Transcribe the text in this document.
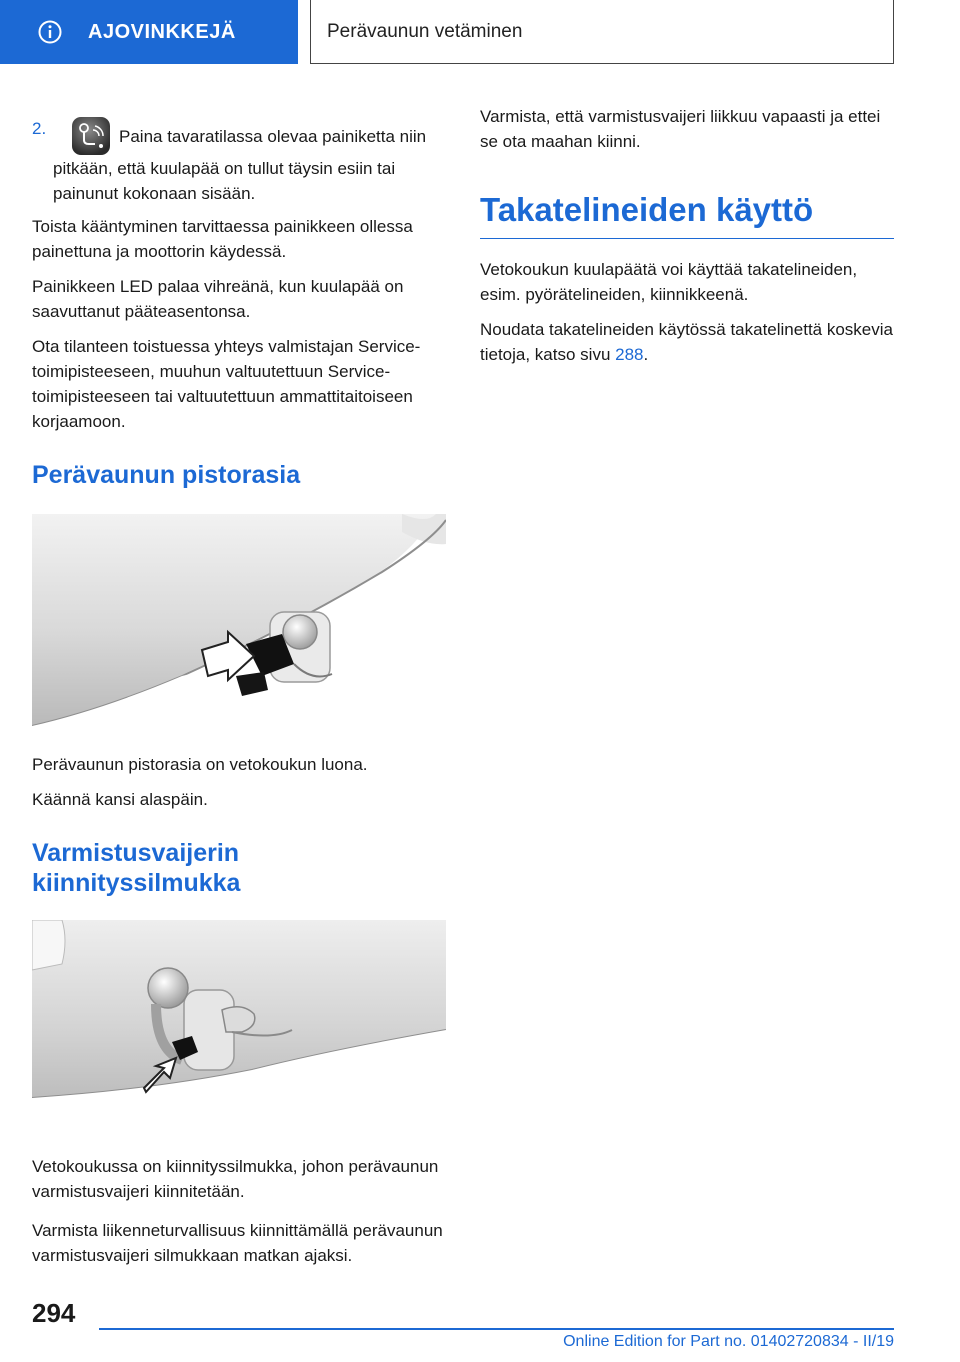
AJOVINKKEJÄ	Perävaunun vetäminen
2.	Paina tavaratilassa olevaa painiketta niin pitkään, että kuulapää on tullut täysin esiin tai painunut kokonaan sisään.

Toista kääntyminen tarvittaessa painikkeen ollessa painettuna ja moottorin käydessä.

Painikkeen LED palaa vihreänä, kun kuulapää on saavuttanut pääteasentonsa.

Ota tilanteen toistuessa yhteys valmistajan Service-toimipisteeseen, muuhun valtuutettuun Service-toimipisteeseen tai valtuutettuun ammattitaitoiseen korjaamoon.

Perävaunun pistorasia

Perävaunun pistorasia on vetokoukun luona.

Käännä kansi alaspäin.

Varmistusvaijerin kiinnityssilmukka

Vetokoukussa on kiinnityssilmukka, johon perävaunun varmistusvaijeri kiinnitetään.

Varmista liikenneturvallisuus kiinnittämällä perävaunun varmistusvaijeri silmukkaan matkan ajaksi.

Varmista, että varmistusvaijeri liikkuu vapaasti ja ettei se ota maahan kiinni.

Takatelineiden käyttö

Vetokoukun kuulapäätä voi käyttää takatelineiden, esim. pyörätelineiden, kiinnikkeenä.

Noudata takatelineiden käytössä takatelinettä koskevia tietoja, katso sivu 288.

294
Online Edition for Part no. 01402720834 - II/19
